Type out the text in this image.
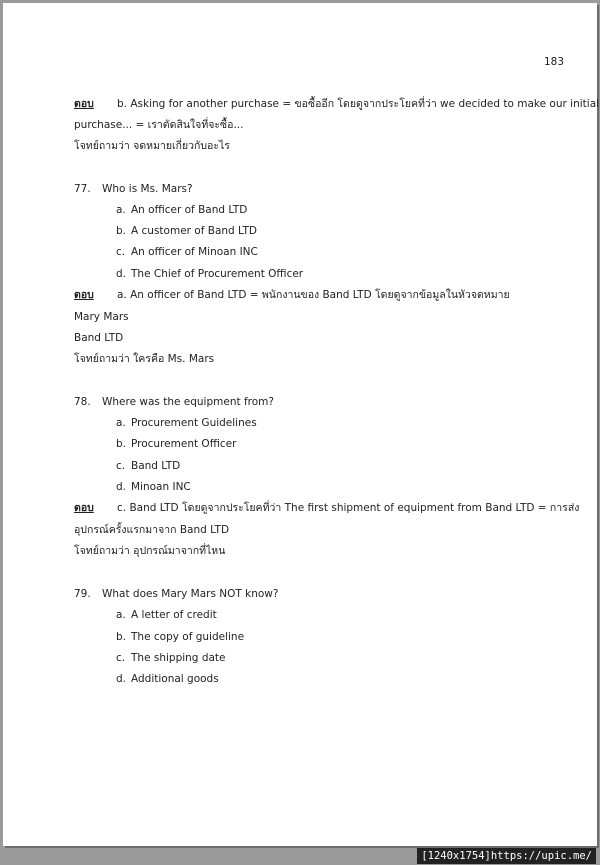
183
ตอบ b. Asking for another purchase = ขอซื้ออีก โดยดูจากประโยคที่ว่า we decided to make our initial
purchase... = เราตัดสินใจที่จะซื้อ...
โจทย์ถามว่า จดหมายเกี่ยวกับอะไร
77. Who is Ms. Mars?
a. An officer of Band LTD
b. A customer of Band LTD
c. An officer of Minoan INC
d. The Chief of Procurement Officer
ตอบ a. An officer of Band LTD = พนักงานของ Band LTD โดยดูจากข้อมูลในหัวจดหมาย
Mary Mars
Band LTD
โจทย์ถามว่า ใครคือ Ms. Mars
78. Where was the equipment from?
a. Procurement Guidelines
b. Procurement Officer
c. Band LTD
d. Minoan INC
ตอบ c. Band LTD โดยดูจากประโยคที่ว่า The first shipment of equipment from Band LTD = การส่ง
อุปกรณ์ครั้งแรกมาจาก Band LTD
โจทย์ถามว่า อุปกรณ์มาจากที่ไหน
79. What does Mary Mars NOT know?
a. A letter of credit
b. The copy of guideline
c. The shipping date
d. Additional goods
[1240x1754]https://upic.me/
